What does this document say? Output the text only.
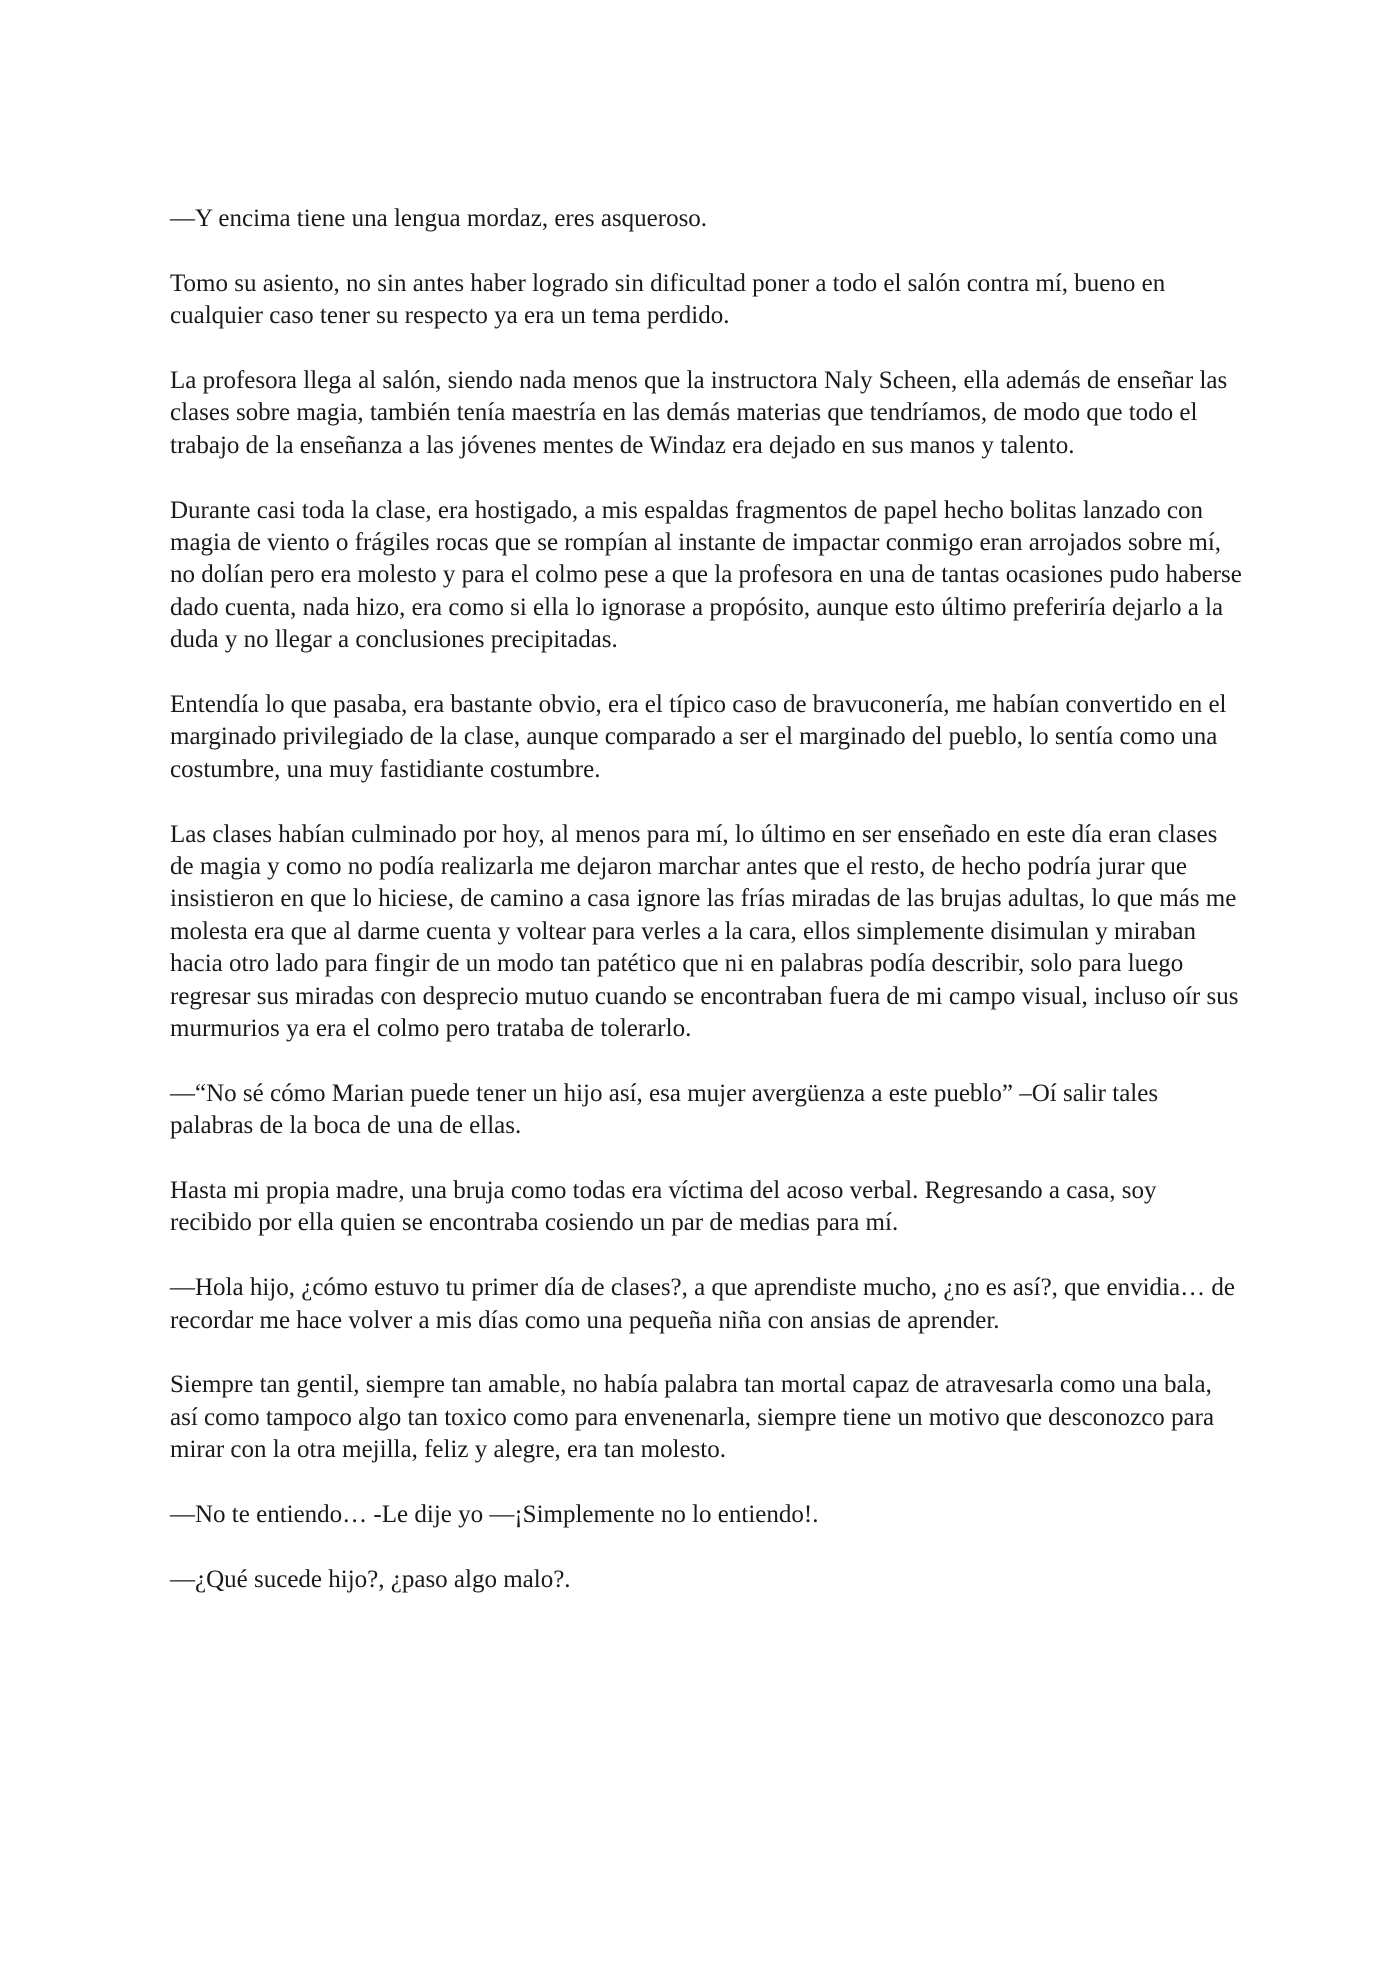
—Y encima tiene una lengua mordaz, eres asqueroso.

Tomo su asiento, no sin antes haber logrado sin dificultad poner a todo el salón contra mí, bueno en cualquier caso tener su respecto ya era un tema perdido.

La profesora llega al salón, siendo nada menos que la instructora Naly Scheen, ella además de enseñar las clases sobre magia, también tenía maestría en las demás materias que tendríamos, de modo que todo el trabajo de la enseñanza a las jóvenes mentes de Windaz era dejado en sus manos y talento.

Durante casi toda la clase, era hostigado, a mis espaldas fragmentos de papel hecho bolitas lanzado con magia de viento o frágiles rocas que se rompían al instante de impactar conmigo eran arrojados sobre mí, no dolían pero era molesto y para el colmo pese a que la profesora en una de tantas ocasiones pudo haberse dado cuenta, nada hizo, era como si ella lo ignorase a propósito, aunque esto último preferiría dejarlo a la duda y no llegar a conclusiones precipitadas.

Entendía lo que pasaba, era bastante obvio, era el típico caso de bravuconería, me habían convertido en el marginado privilegiado de la clase, aunque comparado a ser el marginado del pueblo, lo sentía como una costumbre, una muy fastidiante costumbre.

Las clases habían culminado por hoy, al menos para mí, lo último en ser enseñado en este día eran clases de magia y como no podía realizarla me dejaron marchar antes que el resto, de hecho podría jurar que insistieron en que lo hiciese, de camino a casa ignore las frías miradas de las brujas adultas, lo que más me molesta era que al darme cuenta y voltear para verles a la cara, ellos simplemente disimulan y miraban hacia otro lado para fingir de un modo tan patético que ni en palabras podía describir, solo para luego regresar sus miradas con desprecio mutuo cuando se encontraban fuera de mi campo visual, incluso oír sus murmurios ya era el colmo pero trataba de tolerarlo.

—“No sé cómo Marian puede tener un hijo así, esa mujer avergüenza a este pueblo” –Oí salir tales palabras de la boca de una de ellas.

Hasta mi propia madre, una bruja como todas era víctima del acoso verbal. Regresando a casa, soy recibido por ella quien se encontraba cosiendo un par de medias para mí.

—Hola hijo, ¿cómo estuvo tu primer día de clases?, a que aprendiste mucho, ¿no es así?, que envidia… de recordar me hace volver a mis días como una pequeña niña con ansias de aprender.

Siempre tan gentil, siempre tan amable, no había palabra tan mortal capaz de atravesarla como una bala, así como tampoco algo tan toxico como para envenenarla, siempre tiene un motivo que desconozco para mirar con la otra mejilla, feliz y alegre, era tan molesto.

—No te entiendo… -Le dije yo —¡Simplemente no lo entiendo!.

—¿Qué sucede hijo?, ¿paso algo malo?.
